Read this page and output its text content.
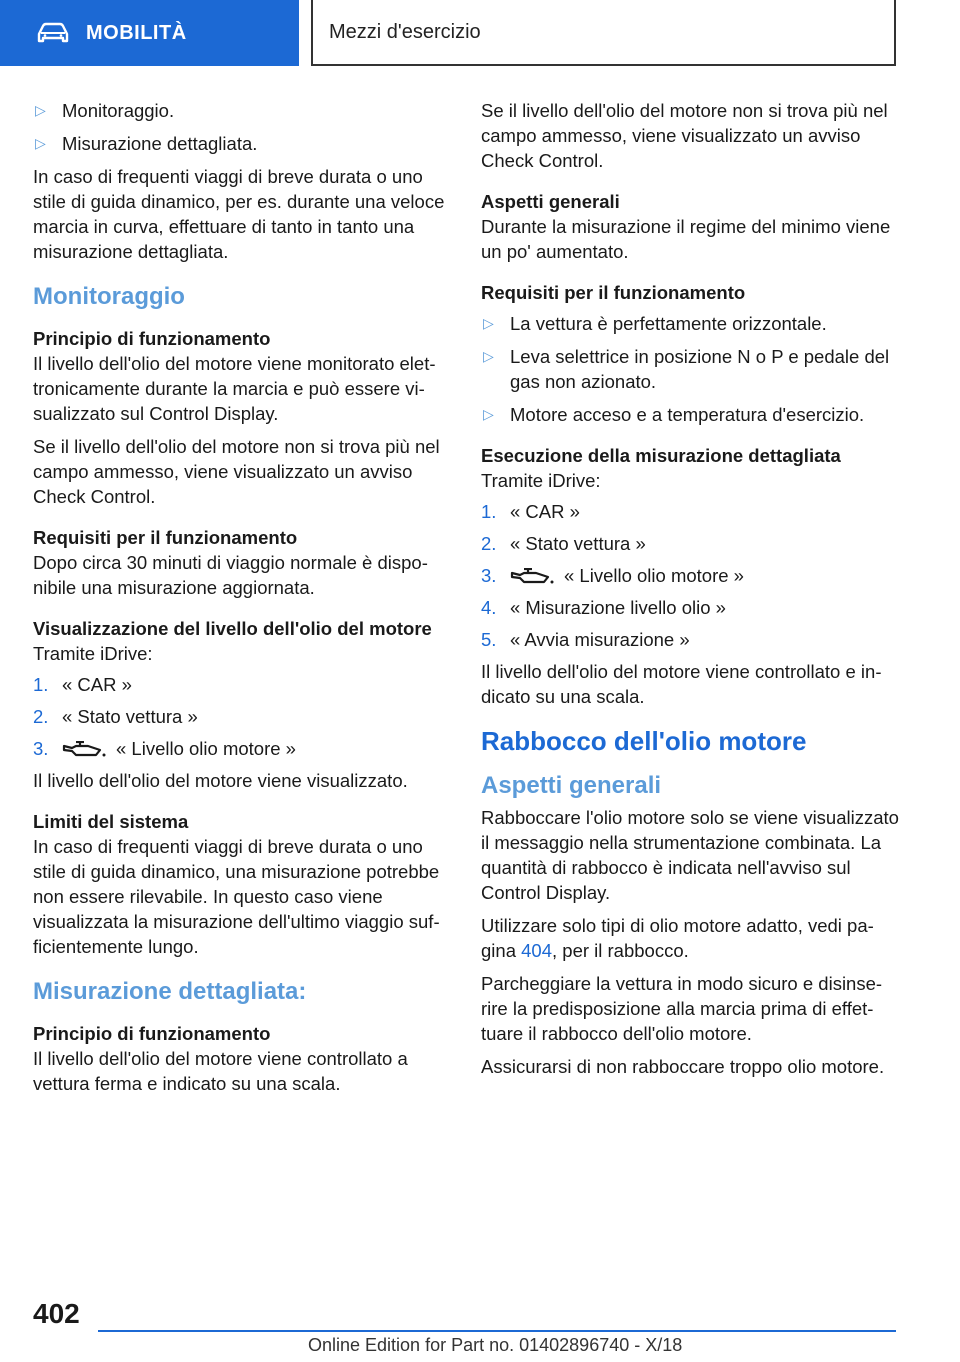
MOBILITÀ	Mezzi d'esercizio
▷ Monitoraggio.
▷ Misurazione dettagliata.

In caso di frequenti viaggi di breve durata o uno stile di guida dinamico, per es. durante una veloce marcia in curva, effettuare di tanto in tanto una misurazione dettagliata.

Monitoraggio
Principio di funzionamento

Il livello dell'olio del motore viene monitorato elettronicamente durante la marcia e può essere visualizzato sul Control Display.

Se il livello dell'olio del motore non si trova più nel campo ammesso, viene visualizzato un avviso Check Control.

Requisiti per il funzionamento

Dopo circa 30 minuti di viaggio normale è disponibile una misurazione aggiornata.

Visualizzazione del livello dell'olio del motore

Tramite iDrive:

1. « CAR »
2. « Stato vettura »
3.	« Livello olio motore »

Il livello dell'olio del motore viene visualizzato.

Limiti del sistema

In caso di frequenti viaggi di breve durata o uno stile di guida dinamico, una misurazione potrebbe non essere rilevabile. In questo caso viene visualizzata la misurazione dell'ultimo viaggio sufficientemente lungo.

Misurazione dettagliata:
Principio di funzionamento

Il livello dell'olio del motore viene controllato a vettura ferma e indicato su una scala.

Se il livello dell'olio del motore non si trova più nel campo ammesso, viene visualizzato un avviso Check Control.

Aspetti generali

Durante la misurazione il regime del minimo viene un po' aumentato.

Requisiti per il funzionamento
▷ La vettura è perfettamente orizzontale.
▷ Leva selettrice in posizione N o P e pedale del gas non azionato.
▷ Motore acceso e a temperatura d'esercizio.
Esecuzione della misurazione dettagliata

Tramite iDrive:

1. « CAR »
2. « Stato vettura »
3.	« Livello olio motore »
4. « Misurazione livello olio »
5. « Avvia misurazione »

Il livello dell'olio del motore viene controllato e indicato su una scala.

Rabbocco dell'olio motore
Aspetti generali

Rabboccare l'olio motore solo se viene visualizzato il messaggio nella strumentazione combinata. La quantità di rabbocco è indicata nell'avviso sul Control Display.

Utilizzare solo tipi di olio motore adatto, vedi pagina 404, per il rabbocco.

Parcheggiare la vettura in modo sicuro e disinserire la predisposizione alla marcia prima di effettuare il rabbocco dell'olio motore.

Assicurarsi di non rabboccare troppo olio motore.

402
Online Edition for Part no. 01402896740 - X/18
